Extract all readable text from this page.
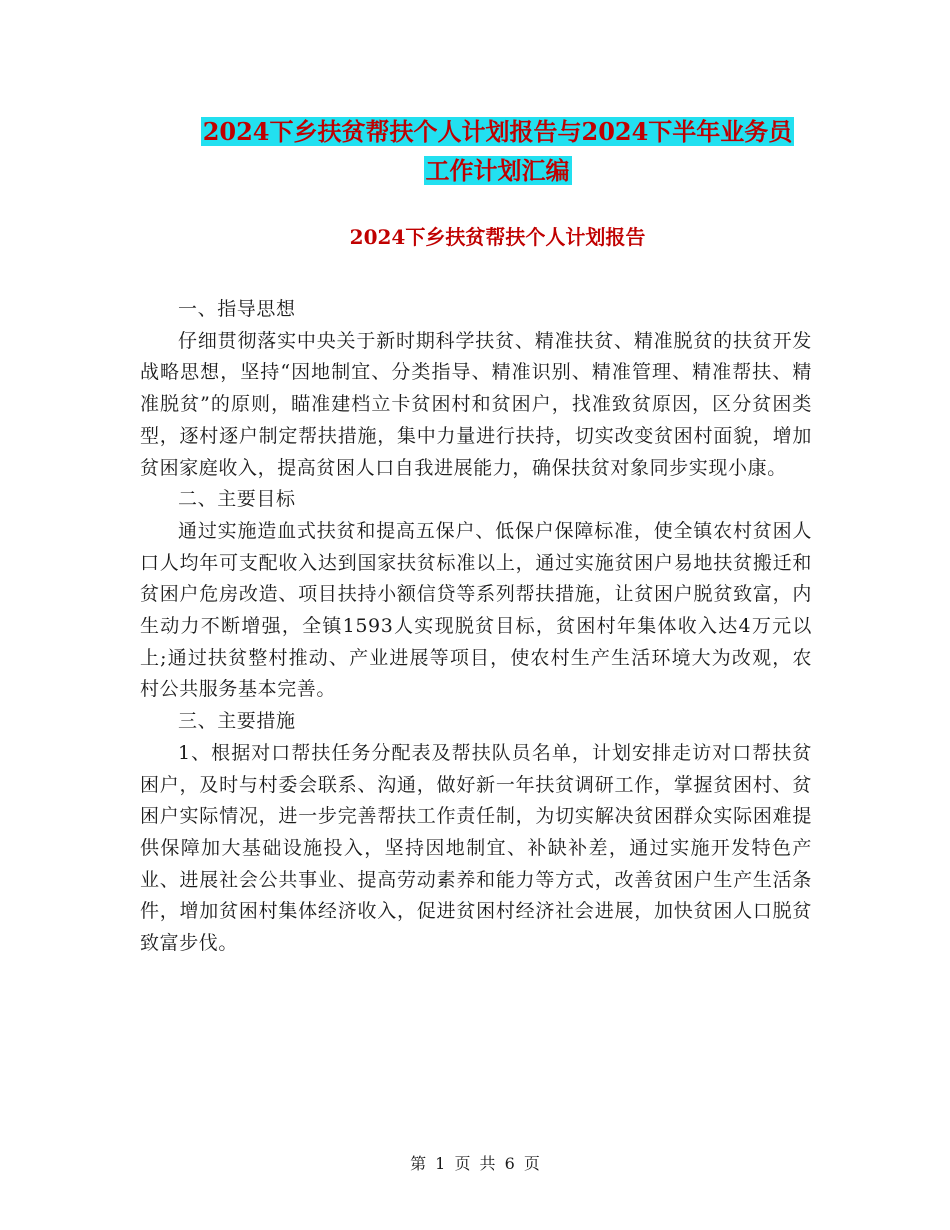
2024下乡扶贫帮扶个人计划报告与2024下半年业务员
工作计划汇编
2024下乡扶贫帮扶个人计划报告

一、指导思想

仔细贯彻落实中央关于新时期科学扶贫、精准扶贫、精准脱贫的扶贫开发战略思想，坚持“因地制宜、分类指导、精准识别、精准管理、精准帮扶、精准脱贫”的原则，瞄准建档立卡贫困村和贫困户，找准致贫原因，区分贫困类型，逐村逐户制定帮扶措施，集中力量进行扶持，切实改变贫困村面貌，增加贫困家庭收入，提高贫困人口自我进展能力，确保扶贫对象同步实现小康。

二、主要目标

通过实施造血式扶贫和提高五保户、低保户保障标准，使全镇农村贫困人口人均年可支配收入达到国家扶贫标准以上，通过实施贫困户易地扶贫搬迁和贫困户危房改造、项目扶持小额信贷等系列帮扶措施，让贫困户脱贫致富，内生动力不断增强，全镇1593人实现脱贫目标，贫困村年集体收入达4万元以上;通过扶贫整村推动、产业进展等项目，使农村生产生活环境大为改观，农村公共服务基本完善。

三、主要措施

1、根据对口帮扶任务分配表及帮扶队员名单，计划安排走访对口帮扶贫困户，及时与村委会联系、沟通，做好新一年扶贫调研工作，掌握贫困村、贫困户实际情况，进一步完善帮扶工作责任制，为切实解决贫困群众实际困难提供保障加大基础设施投入，坚持因地制宜、补缺补差，通过实施开发特色产业、进展社会公共事业、提高劳动素养和能力等方式，改善贫困户生产生活条件，增加贫困村集体经济收入，促进贫困村经济社会进展，加快贫困人口脱贫致富步伐。

第 1 页 共 6 页
